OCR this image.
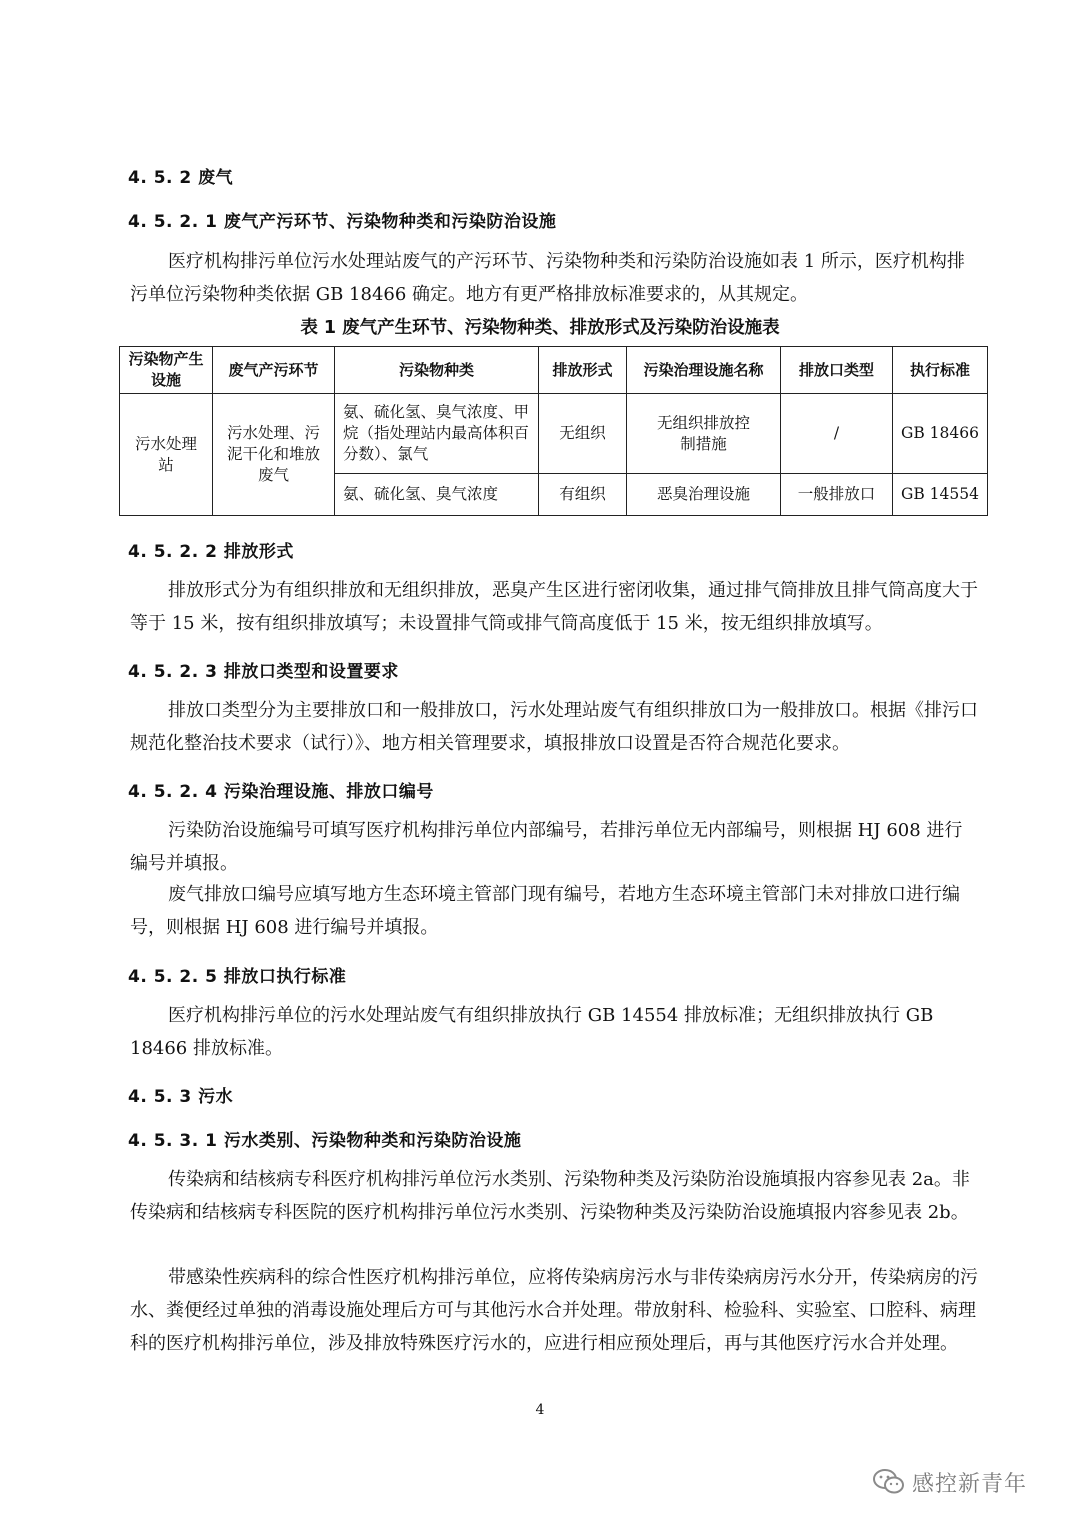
4. 5. 2 废气
4. 5. 2. 1 废气产污环节、污染物种类和污染防治设施

医疗机构排污单位污水处理站废气的产污环节、污染物种类和污染防治设施如表 1 所示，医疗机构排污单位污染物种类依据 GB 18466 确定。地方有更严格排放标准要求的，从其规定。

表 1 废气产生环节、污染物种类、排放形式及污染防治设施表

污染物产生设施	废气产污环节	污染物种类	排放形式	污染治理设施名称	排放口类型	执行标准
污水处理站	污水处理、污泥干化和堆放废气	氨、硫化氢、臭气浓度、甲烷（指处理站内最高体积百分数）、氯气	无组织	无组织排放控制措施	/	GB 18466
		氨、硫化氢、臭气浓度	有组织	恶臭治理设施	一般排放口	GB 14554
4. 5. 2. 2 排放形式

排放形式分为有组织排放和无组织排放，恶臭产生区进行密闭收集，通过排气筒排放且排气筒高度大于等于 15 米，按有组织排放填写；未设置排气筒或排气筒高度低于 15 米，按无组织排放填写。

4. 5. 2. 3 排放口类型和设置要求

排放口类型分为主要排放口和一般排放口，污水处理站废气有组织排放口为一般排放口。根据《排污口规范化整治技术要求（试行）》、地方相关管理要求，填报排放口设置是否符合规范化要求。

4. 5. 2. 4 污染治理设施、排放口编号

污染防治设施编号可填写医疗机构排污单位内部编号，若排污单位无内部编号，则根据 HJ 608 进行编号并填报。

废气排放口编号应填写地方生态环境主管部门现有编号，若地方生态环境主管部门未对排放口进行编号，则根据 HJ 608 进行编号并填报。

4. 5. 2. 5 排放口执行标准

医疗机构排污单位的污水处理站废气有组织排放执行 GB 14554 排放标准；无组织排放执行 GB 18466 排放标准。

4. 5. 3 污水
4. 5. 3. 1 污水类别、污染物种类和污染防治设施

传染病和结核病专科医疗机构排污单位污水类别、污染物种类及污染防治设施填报内容参见表 2a。非传染病和结核病专科医院的医疗机构排污单位污水类别、污染物种类及污染防治设施填报内容参见表 2b。

带感染性疾病科的综合性医疗机构排污单位，应将传染病房污水与非传染病房污水分开，传染病房的污水、粪便经过单独的消毒设施处理后方可与其他污水合并处理。带放射科、检验科、实验室、口腔科、病理科的医疗机构排污单位，涉及排放特殊医疗污水的，应进行相应预处理后，再与其他医疗污水合并处理。

4

感控新青年
